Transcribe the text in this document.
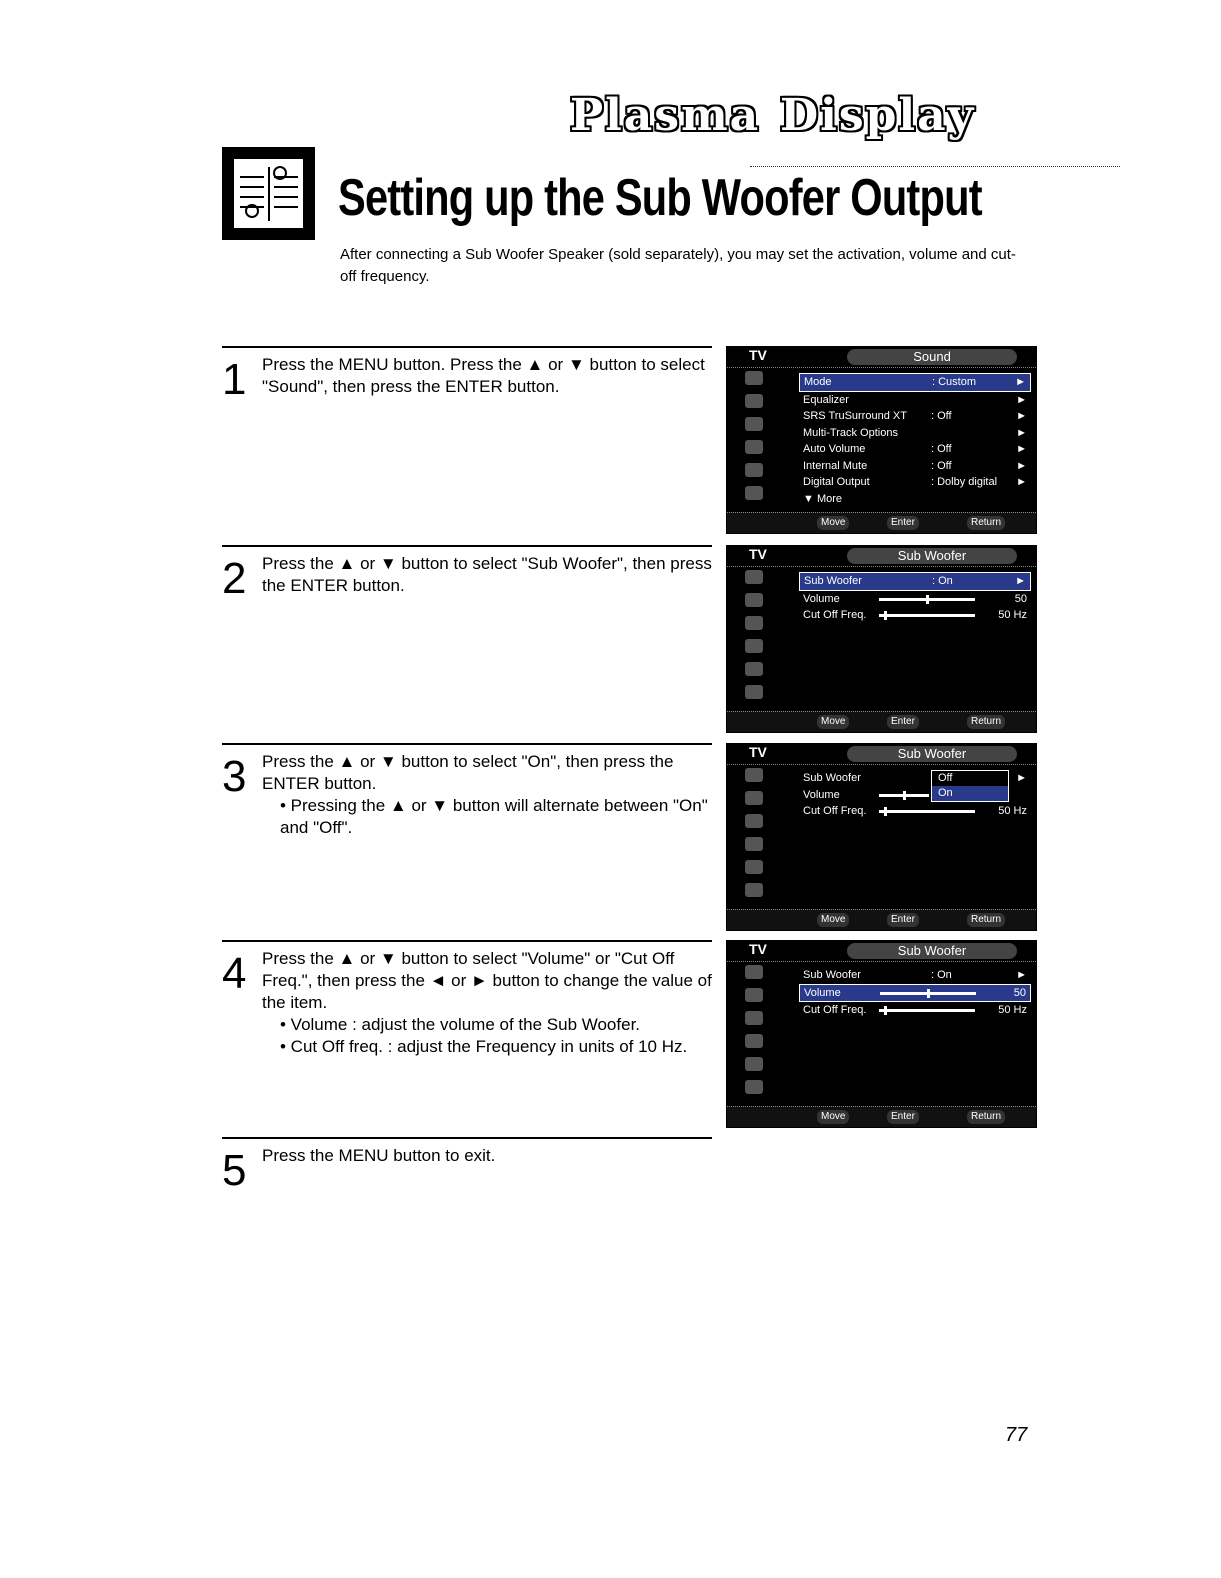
Plasma Display
Setting up the Sub Woofer Output
After connecting a Sub Woofer Speaker (sold separately), you may set the activation, volume and cut-off frequency.
1 Press the MENU button. Press the ▲ or ▼ button to select "Sound", then press the ENTER button.
2 Press the ▲ or ▼ button to select "Sub Woofer", then press the ENTER button.
3 Press the ▲ or ▼ button to select "On", then press the ENTER button.
• Pressing the ▲ or ▼ button will alternate between "On" and "Off".
4 Press the ▲ or ▼ button to select "Volume" or "Cut Off Freq.", then press the ◄ or ► button to change the value of the item.
• Volume : adjust the volume of the Sub Woofer.
• Cut Off freq. : adjust the Frequency in units of 10 Hz.
5 Press the MENU button to exit.
TV	Sound
Mode	: Custom	►
Equalizer	►
SRS TruSurround XT : Off	►
Multi-Track Options	►
Auto Volume	: Off	►
Internal Mute	: Off	►
Digital Output	: Dolby digital ►
▼ More
Move	Enter	Return
TV	Sub Woofer
Sub Woofer	: On	►
Volume	50
Cut Off Freq.	50 Hz
Move	Enter	Return
TV	Sub Woofer
Sub Woofer	►
Volume
Cut Off Freq.	50 Hz
Off
On
Move	Enter	Return
TV	Sub Woofer
Sub Woofer	: On	►
Volume	50
Cut Off Freq.	50 Hz
Move	Enter	Return
77
